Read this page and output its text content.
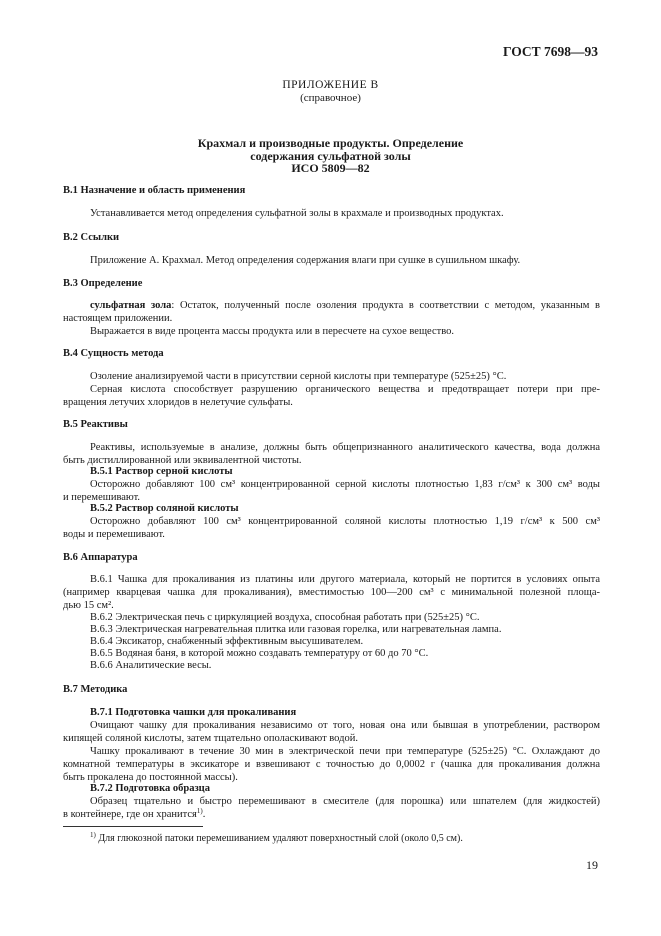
ГОСТ 7698—93
ПРИЛОЖЕНИЕ В
(справочное)
Крахмал и производные продукты. Определение
содержания сульфатной золы
ИСО 5809—82
В.1 Назначение и область применения
Устанавливается метод определения сульфатной золы в крахмале и производных продуктах.
В.2 Ссылки
Приложение А. Крахмал. Метод определения содержания влаги при сушке в сушильном шкафу.
В.3 Определение
сульфатная зола: Остаток, полученный после озоления продукта в соответствии с методом, указанным в
настоящем приложении.
Выражается в виде процента массы продукта или в пересчете на сухое вещество.
В.4 Сущность метода
Озоление анализируемой части в присутствии серной кислоты при температуре (525±25) °С.
Серная кислота способствует разрушению органического вещества и предотвращает потери при пре-
вращения летучих хлоридов в нелетучие сульфаты.
В.5 Реактивы
Реактивы, используемые в анализе, должны быть общепризнанного аналитического качества, вода должна
быть дистиллированной или эквивалентной чистоты.
В.5.1 Раствор серной кислоты
Осторожно добавляют 100 см³ концентрированной серной кислоты плотностью 1,83 г/см³ к 300 см³ воды
и перемешивают.
В.5.2 Раствор соляной кислоты
Осторожно добавляют 100 см³ концентрированной соляной кислоты плотностью 1,19 г/см³ к 500 см³
воды и перемешивают.
В.6 Аппаратура
В.6.1 Чашка для прокаливания из платины или другого материала, который не портится в условиях опыта
(например кварцевая чашка для прокаливания), вместимостью 100—200 см³ с минимальной полезной площа-
дью 15 см².
В.6.2 Электрическая печь с циркуляцией воздуха, способная работать при (525±25) °С.
В.6.3 Электрическая нагревательная плитка или газовая горелка, или нагревательная лампа.
В.6.4 Эксикатор, снабженный эффективным высушивателем.
В.6.5 Водяная баня, в которой можно создавать температуру от 60 до 70 °С.
В.6.6 Аналитические весы.
В.7 Методика
В.7.1 Подготовка чашки для прокаливания
Очищают чашку для прокаливания независимо от того, новая она или бывшая в употреблении, раствором
кипящей соляной кислоты, затем тщательно ополаскивают водой.
Чашку прокаливают в течение 30 мин в электрической печи при температуре (525±25) °С. Охлаждают до
комнатной температуры в эксикаторе и взвешивают с точностью до 0,0002 г (чашка для прокаливания должна
быть прокалена до постоянной массы).
В.7.2 Подготовка образца
Образец тщательно и быстро перемешивают в смесителе (для порошка) или шпателем (для жидкостей)
в контейнере, где он хранится$^{1)}$.
$^{1)}$ Для глюкозной патоки перемешиванием удаляют поверхностный слой (около 0,5 см).
19
